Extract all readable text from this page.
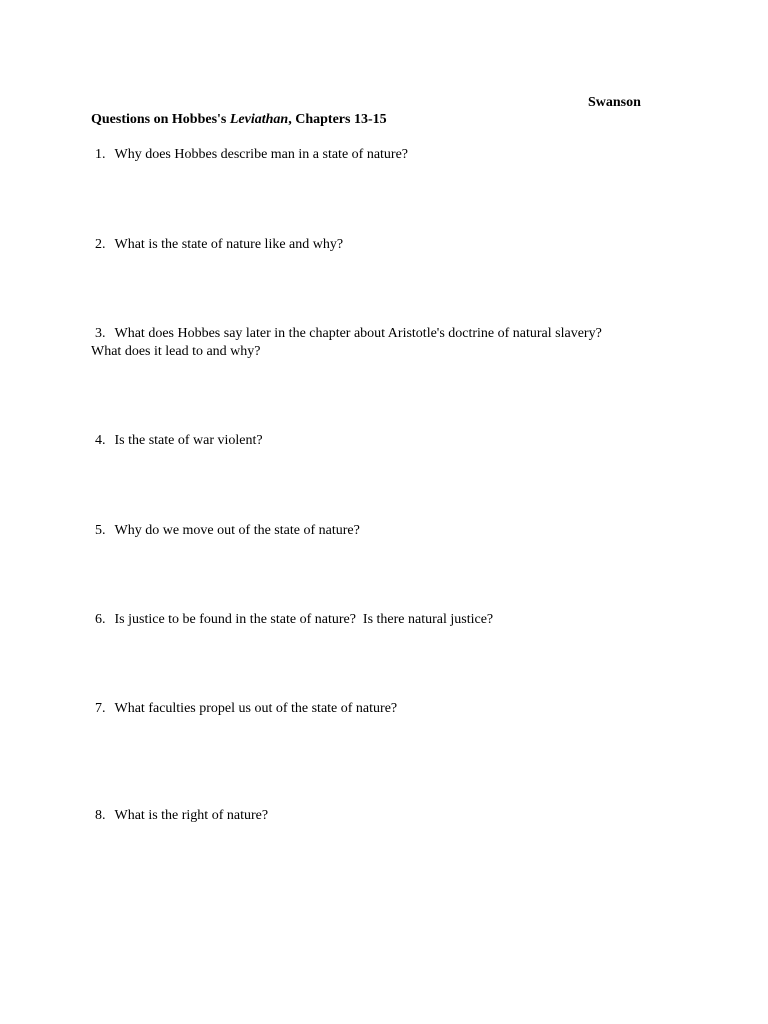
Swanson
Questions on Hobbes's Leviathan, Chapters 13-15
1. Why does Hobbes describe man in a state of nature?
2. What is the state of nature like and why?
3. What does Hobbes say later in the chapter about Aristotle's doctrine of natural slavery?
What does it lead to and why?
4. Is the state of war violent?
5. Why do we move out of the state of nature?
6. Is justice to be found in the state of nature?  Is there natural justice?
7. What faculties propel us out of the state of nature?
8. What is the right of nature?
